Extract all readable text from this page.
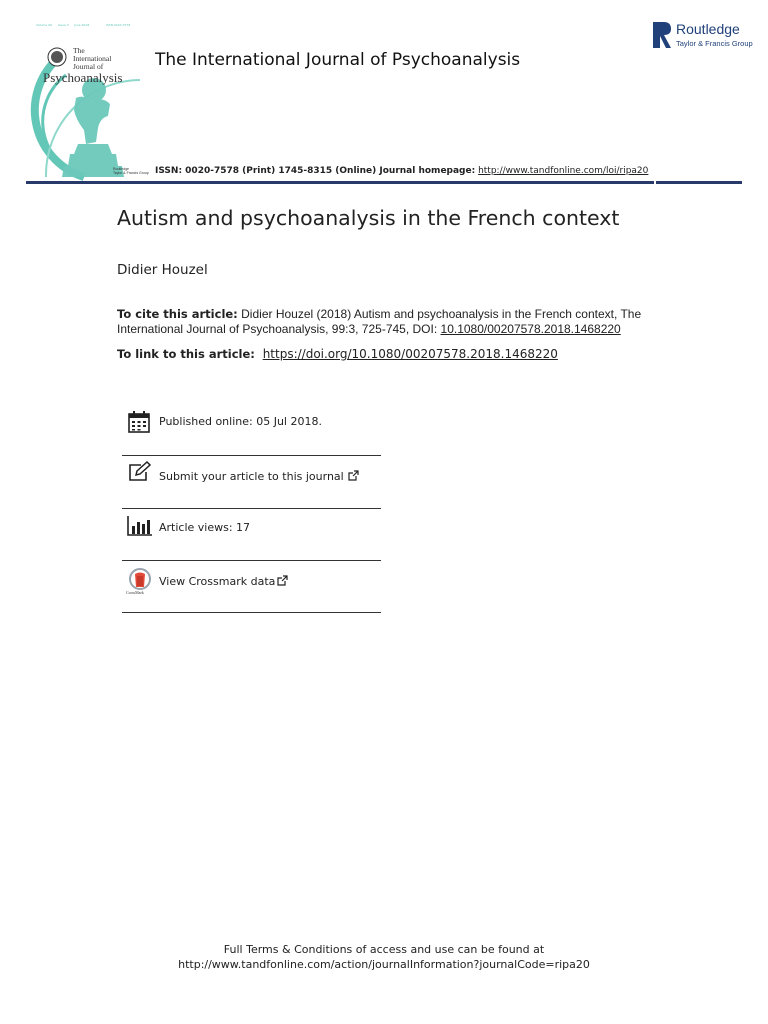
Volume 99 Issue 3 June 2018	ISSN 0020-7578
The
International
Journal of
Psychoanalysis
Routledge
Taylor & Francis Group
The International Journal of Psychoanalysis
Routledge
Taylor & Francis Group
ISSN: 0020-7578 (Print) 1745-8315 (Online) Journal homepage: http://www.tandfonline.com/loi/ripa20
Autism and psychoanalysis in the French context
Didier Houzel
To cite this article: Didier Houzel (2018) Autism and psychoanalysis in the French context, The International Journal of Psychoanalysis, 99:3, 725-745, DOI: 10.1080/00207578.2018.1468220
To link to this article: https://doi.org/10.1080/00207578.2018.1468220
Published online: 05 Jul 2018.
Submit your article to this journal
Article views: 17
CrossMark
View Crossmark data
Full Terms & Conditions of access and use can be found at
http://www.tandfonline.com/action/journalInformation?journalCode=ripa20
